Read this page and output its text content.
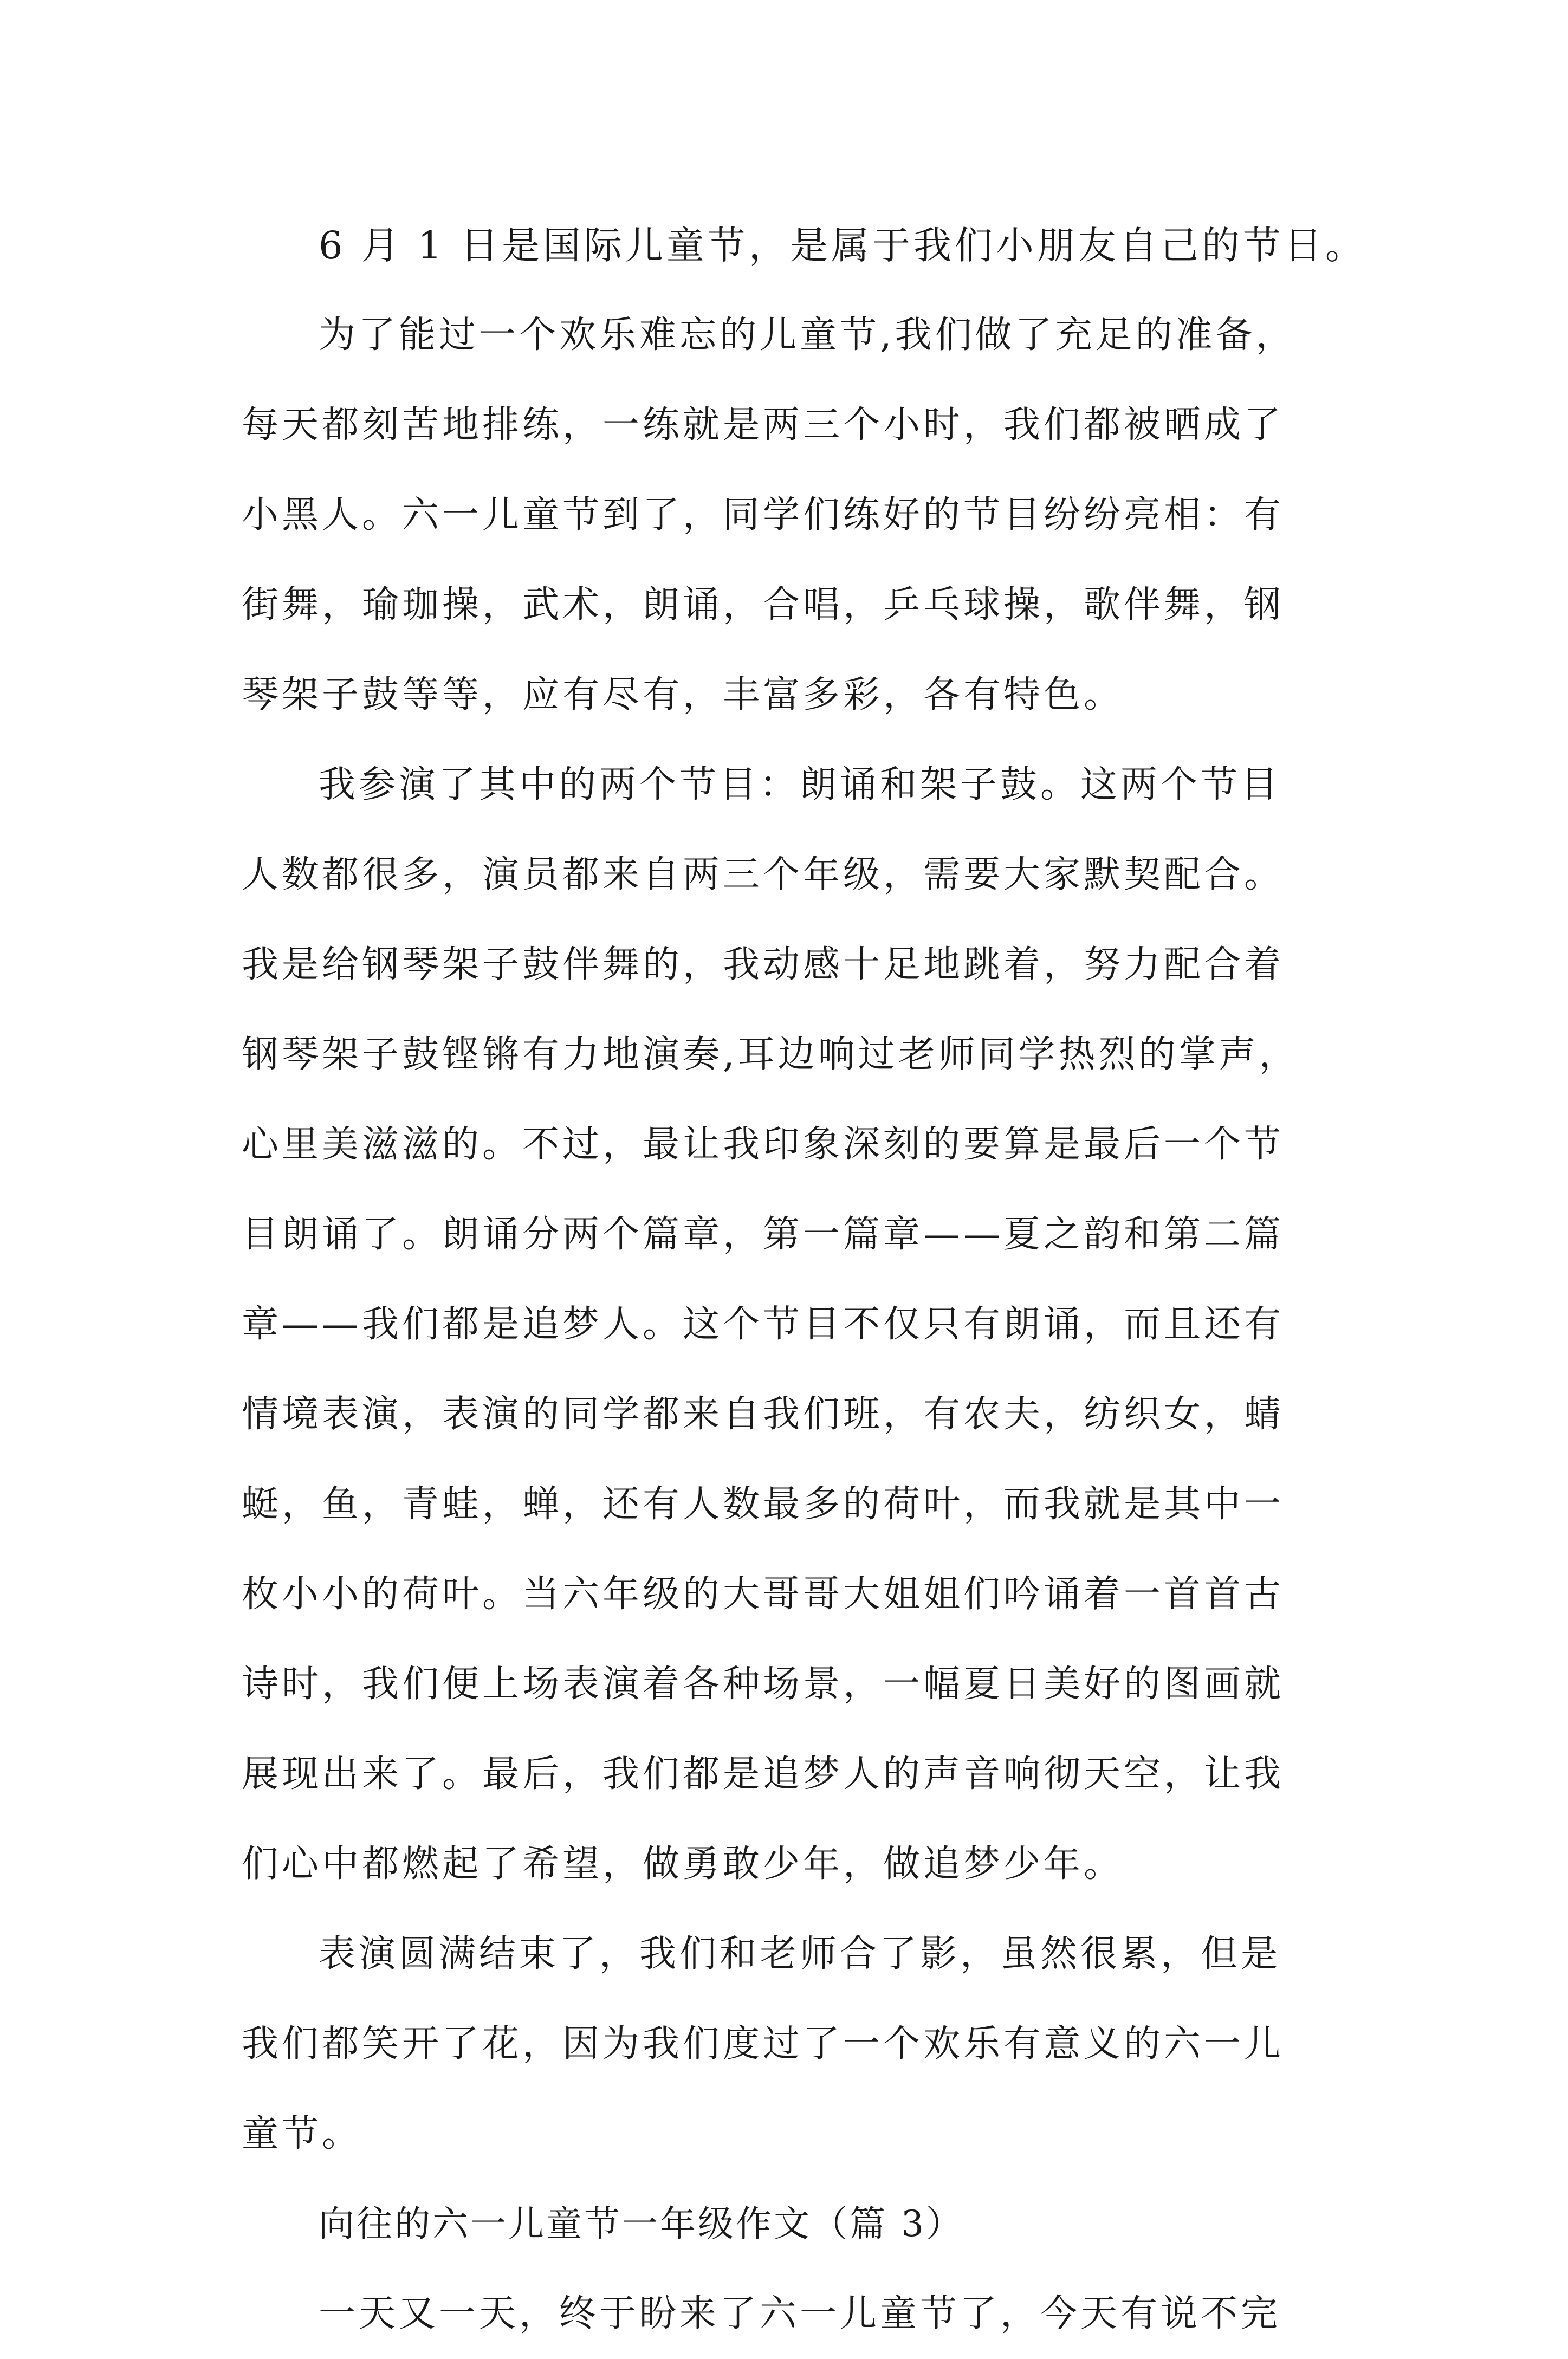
6 月 1 日是国际儿童节，是属于我们小朋友自己的节日。
为了能过一个欢乐难忘的儿童节,我们做了充足的准备，
每天都刻苦地排练，一练就是两三个小时，我们都被晒成了
小黑人。六一儿童节到了，同学们练好的节目纷纷亮相：有
街舞，瑜珈操，武术，朗诵，合唱，乒乓球操，歌伴舞，钢
琴架子鼓等等，应有尽有，丰富多彩，各有特色。
我参演了其中的两个节目：朗诵和架子鼓。这两个节目
人数都很多，演员都来自两三个年级，需要大家默契配合。
我是给钢琴架子鼓伴舞的，我动感十足地跳着，努力配合着
钢琴架子鼓铿锵有力地演奏,耳边响过老师同学热烈的掌声，
心里美滋滋的。不过，最让我印象深刻的要算是最后一个节
目朗诵了。朗诵分两个篇章，第一篇章——夏之韵和第二篇
章——我们都是追梦人。这个节目不仅只有朗诵，而且还有
情境表演，表演的同学都来自我们班，有农夫，纺织女，蜻
蜓，鱼，青蛙，蝉，还有人数最多的荷叶，而我就是其中一
枚小小的荷叶。当六年级的大哥哥大姐姐们吟诵着一首首古
诗时，我们便上场表演着各种场景，一幅夏日美好的图画就
展现出来了。最后，我们都是追梦人的声音响彻天空，让我
们心中都燃起了希望，做勇敢少年，做追梦少年。
表演圆满结束了，我们和老师合了影，虽然很累，但是
我们都笑开了花，因为我们度过了一个欢乐有意义的六一儿
童节。
向往的六一儿童节一年级作文（篇 3）
一天又一天，终于盼来了六一儿童节了，今天有说不完
